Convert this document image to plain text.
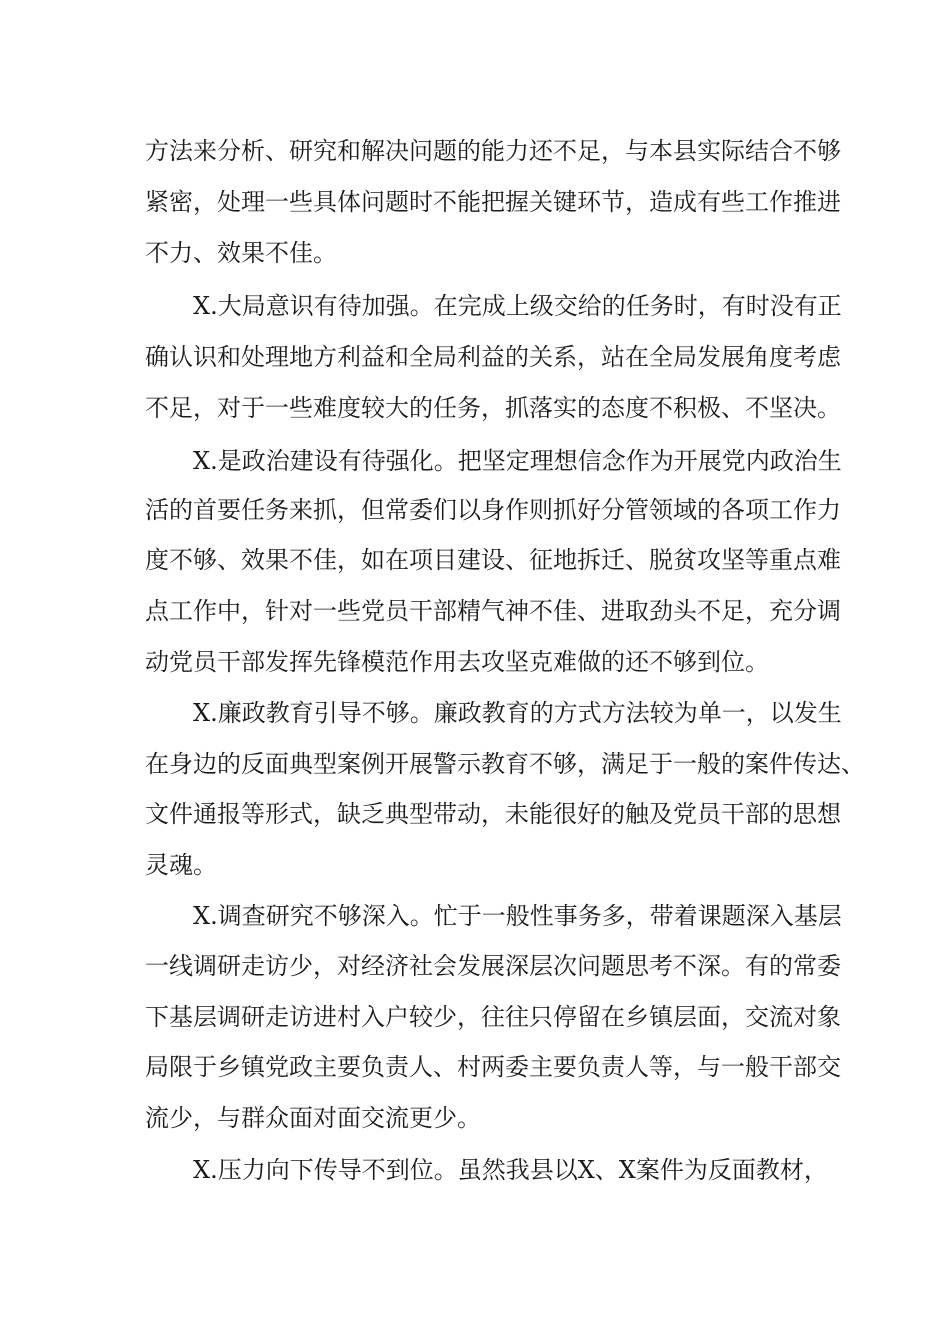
方法来分析、研究和解决问题的能力还不足，与本县实际结合不够
紧密，处理一些具体问题时不能把握关键环节，造成有些工作推进
不力、效果不佳。
X.大局意识有待加强。在完成上级交给的任务时，有时没有正
确认识和处理地方利益和全局利益的关系，站在全局发展角度考虑
不足，对于一些难度较大的任务，抓落实的态度不积极、不坚决。
X.是政治建设有待强化。把坚定理想信念作为开展党内政治生
活的首要任务来抓，但常委们以身作则抓好分管领域的各项工作力
度不够、效果不佳，如在项目建设、征地拆迁、脱贫攻坚等重点难
点工作中，针对一些党员干部精气神不佳、进取劲头不足，充分调
动党员干部发挥先锋模范作用去攻坚克难做的还不够到位。
X.廉政教育引导不够。廉政教育的方式方法较为单一，以发生
在身边的反面典型案例开展警示教育不够，满足于一般的案件传达、
文件通报等形式，缺乏典型带动，未能很好的触及党员干部的思想
灵魂。
X.调查研究不够深入。忙于一般性事务多，带着课题深入基层
一线调研走访少，对经济社会发展深层次问题思考不深。有的常委
下基层调研走访进村入户较少，往往只停留在乡镇层面，交流对象
局限于乡镇党政主要负责人、村两委主要负责人等，与一般干部交
流少，与群众面对面交流更少。
X.压力向下传导不到位。虽然我县以X、X案件为反面教材，
